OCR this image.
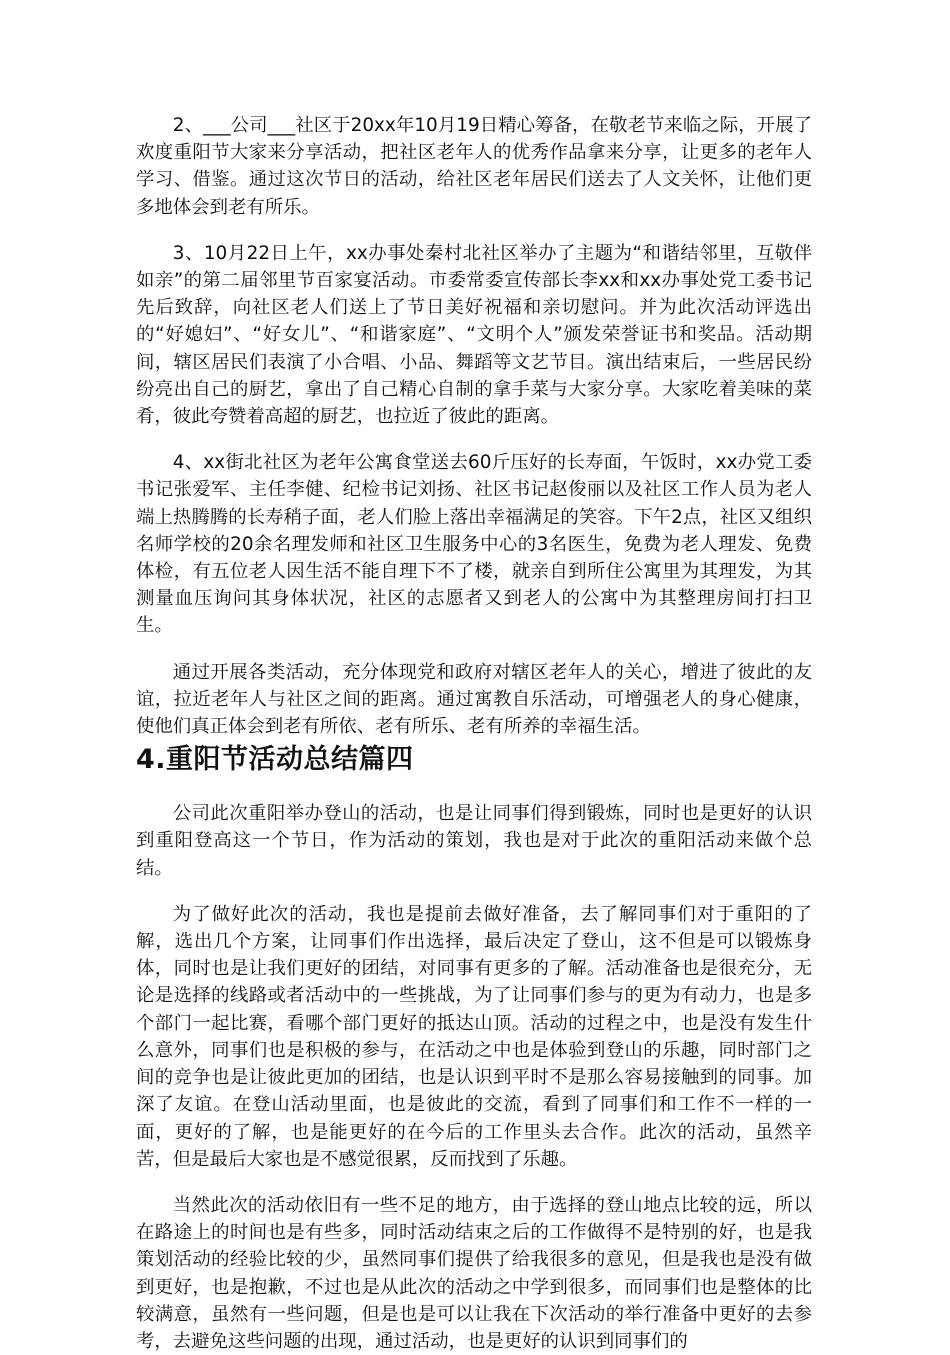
2、___公司___社区于20xx年10月19日精心筹备，在敬老节来临之际，开展了欢度重阳节大家来分享活动，把社区老年人的优秀作品拿来分享，让更多的老年人学习、借鉴。通过这次节日的活动，给社区老年居民们送去了人文关怀，让他们更多地体会到老有所乐。

3、10月22日上午，xx办事处秦村北社区举办了主题为“和谐结邻里，互敬伴如亲”的第二届邻里节百家宴活动。市委常委宣传部长李xx和xx办事处党工委书记先后致辞，向社区老人们送上了节日美好祝福和亲切慰问。并为此次活动评选出的“好媳妇”、“好女儿”、“和谐家庭”、“文明个人”颁发荣誉证书和奖品。活动期间，辖区居民们表演了小合唱、小品、舞蹈等文艺节目。演出结束后，一些居民纷纷亮出自己的厨艺，拿出了自己精心自制的拿手菜与大家分享。大家吃着美味的菜肴，彼此夸赞着高超的厨艺，也拉近了彼此的距离。

4、xx街北社区为老年公寓食堂送去60斤压好的长寿面，午饭时，xx办党工委书记张爱军、主任李健、纪检书记刘扬、社区书记赵俊丽以及社区工作人员为老人端上热腾腾的长寿稍子面，老人们脸上落出幸福满足的笑容。下午2点，社区又组织名师学校的20余名理发师和社区卫生服务中心的3名医生，免费为老人理发、免费体检，有五位老人因生活不能自理下不了楼，就亲自到所住公寓里为其理发，为其测量血压询问其身体状况，社区的志愿者又到老人的公寓中为其整理房间打扫卫生。

通过开展各类活动，充分体现党和政府对辖区老年人的关心，增进了彼此的友谊，拉近老年人与社区之间的距离。通过寓教自乐活动，可增强老人的身心健康，使他们真正体会到老有所依、老有所乐、老有所养的幸福生活。

4.重阳节活动总结篇四

公司此次重阳举办登山的活动，也是让同事们得到锻炼，同时也是更好的认识到重阳登高这一个节日，作为活动的策划，我也是对于此次的重阳活动来做个总结。

为了做好此次的活动，我也是提前去做好准备，去了解同事们对于重阳的了解，选出几个方案，让同事们作出选择，最后决定了登山，这不但是可以锻炼身体，同时也是让我们更好的团结，对同事有更多的了解。活动准备也是很充分，无论是选择的线路或者活动中的一些挑战，为了让同事们参与的更为有动力，也是多个部门一起比赛，看哪个部门更好的抵达山顶。活动的过程之中，也是没有发生什么意外，同事们也是积极的参与，在活动之中也是体验到登山的乐趣，同时部门之间的竞争也是让彼此更加的团结，也是认识到平时不是那么容易接触到的同事。加深了友谊。在登山活动里面，也是彼此的交流，看到了同事们和工作不一样的一面，更好的了解，也是能更好的在今后的工作里头去合作。此次的活动，虽然辛苦，但是最后大家也是不感觉很累，反而找到了乐趣。

当然此次的活动依旧有一些不足的地方，由于选择的登山地点比较的远，所以在路途上的时间也是有些多，同时活动结束之后的工作做得不是特别的好，也是我策划活动的经验比较的少，虽然同事们提供了给我很多的意见，但是我也是没有做到更好，也是抱歉，不过也是从此次的活动之中学到很多，而同事们也是整体的比较满意，虽然有一些问题，但是也是可以让我在下次活动的举行准备中更好的去参考，去避免这些问题的出现，通过活动，也是更好的认识到同事们的
